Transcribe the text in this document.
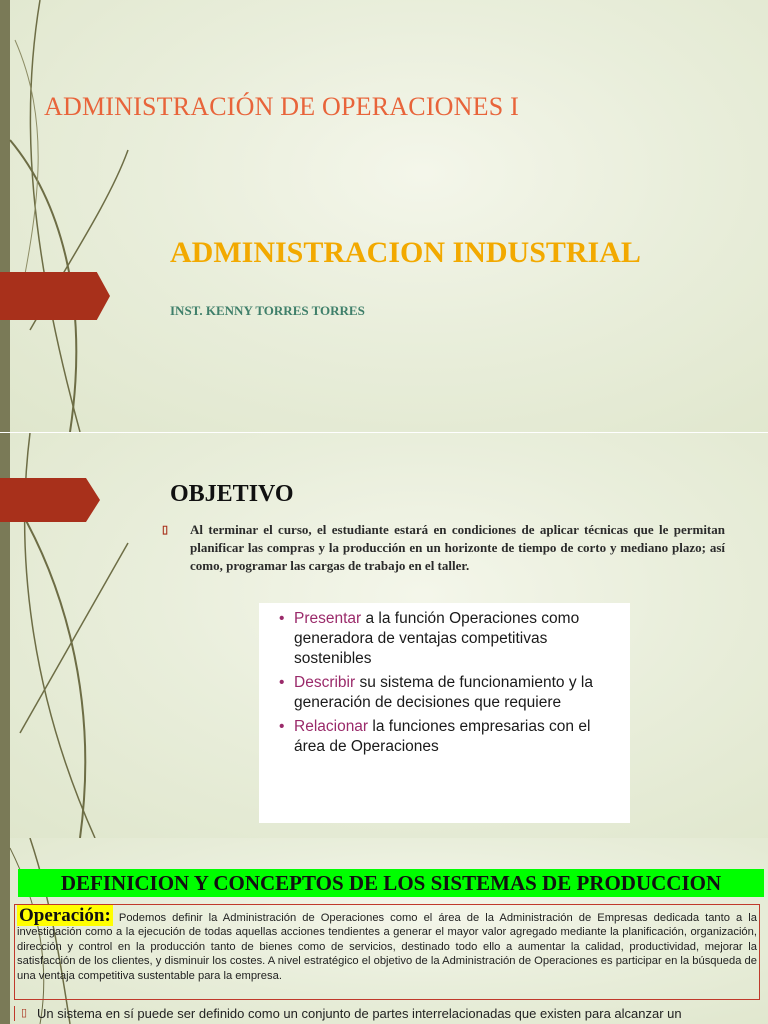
ADMINISTRACIÓN DE OPERACIONES I
ADMINISTRACION INDUSTRIAL
INST. KENNY TORRES TORRES
OBJETIVO
▯	Al terminar el curso, el estudiante estará en condiciones de aplicar técnicas que le permitan planificar las compras y la producción en un horizonte de tiempo de corto y mediano plazo; así como, programar las cargas de trabajo en el taller.

• Presentar a la función Operaciones como generadora de ventajas competitivas sostenibles
• Describir su sistema de funcionamiento y la generación de decisiones que requiere
• Relacionar la funciones empresarias con el área de Operaciones
DEFINICION Y CONCEPTOS DE LOS SISTEMAS DE PRODUCCION
Operación: Podemos definir la Administración de Operaciones como el área de la Administración de Empresas dedicada tanto a la investigación como a la ejecución de todas aquellas acciones tendientes a generar el mayor valor agregado mediante la planificación, organización, dirección y control en la producción tanto de bienes como de servicios, destinado todo ello a aumentar la calidad, productividad, mejorar la satisfacción de los clientes, y disminuir los costes. A nivel estratégico el objetivo de la Administración de Operaciones es participar en la búsqueda de una ventaja competitiva sustentable para la empresa.
▯ Un sistema en sí puede ser definido como un conjunto de partes interrelacionadas que existen para alcanzar un
